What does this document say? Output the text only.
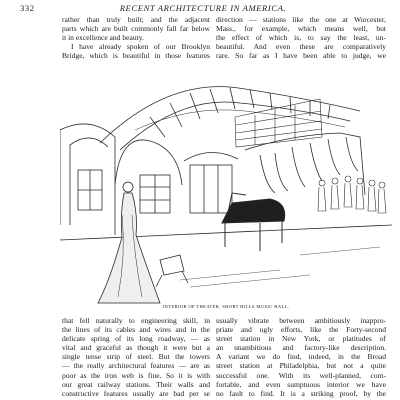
332	RECENT ARCHITECTURE IN AMERICA.
rather than truly built; and the adjacent
parts which are built commonly fall far below
it in excellence and beauty.
I have already spoken of our Brooklyn
Bridge, which is beautiful in those features
direction — stations like the one at Worcester,
Mass., for example, which means well, but
the effect of which is, to say the least, un-
beautiful. And even these are comparatively
rare. So far as I have been able to judge, we
INTERIOR OF THEATER, SHORT HILLS MUSIC HALL.
that fell naturally to engineering skill, in
the lines of its cables and wires and in the
delicate spring of its long roadway, — as
vital and graceful as though it were but a
single tense strip of steel. But the towers
— the really architectural features — are as
poor as the iron web is fine. So it is with
our great railway stations. Their walls and
constructive features usually are bad per se
usually vibrate between ambitiously inappro-
priate and ugly efforts, like the Forty-second
street station in New York, or platitudes of
an unambitious and factory-like description.
A variant we do find, indeed, in the Broad
street station at Philadelphia, but not a quite
successful one. With its well-planned, com-
fortable, and even sumptuous interior we have
no fault to find. It is a striking proof, by the
